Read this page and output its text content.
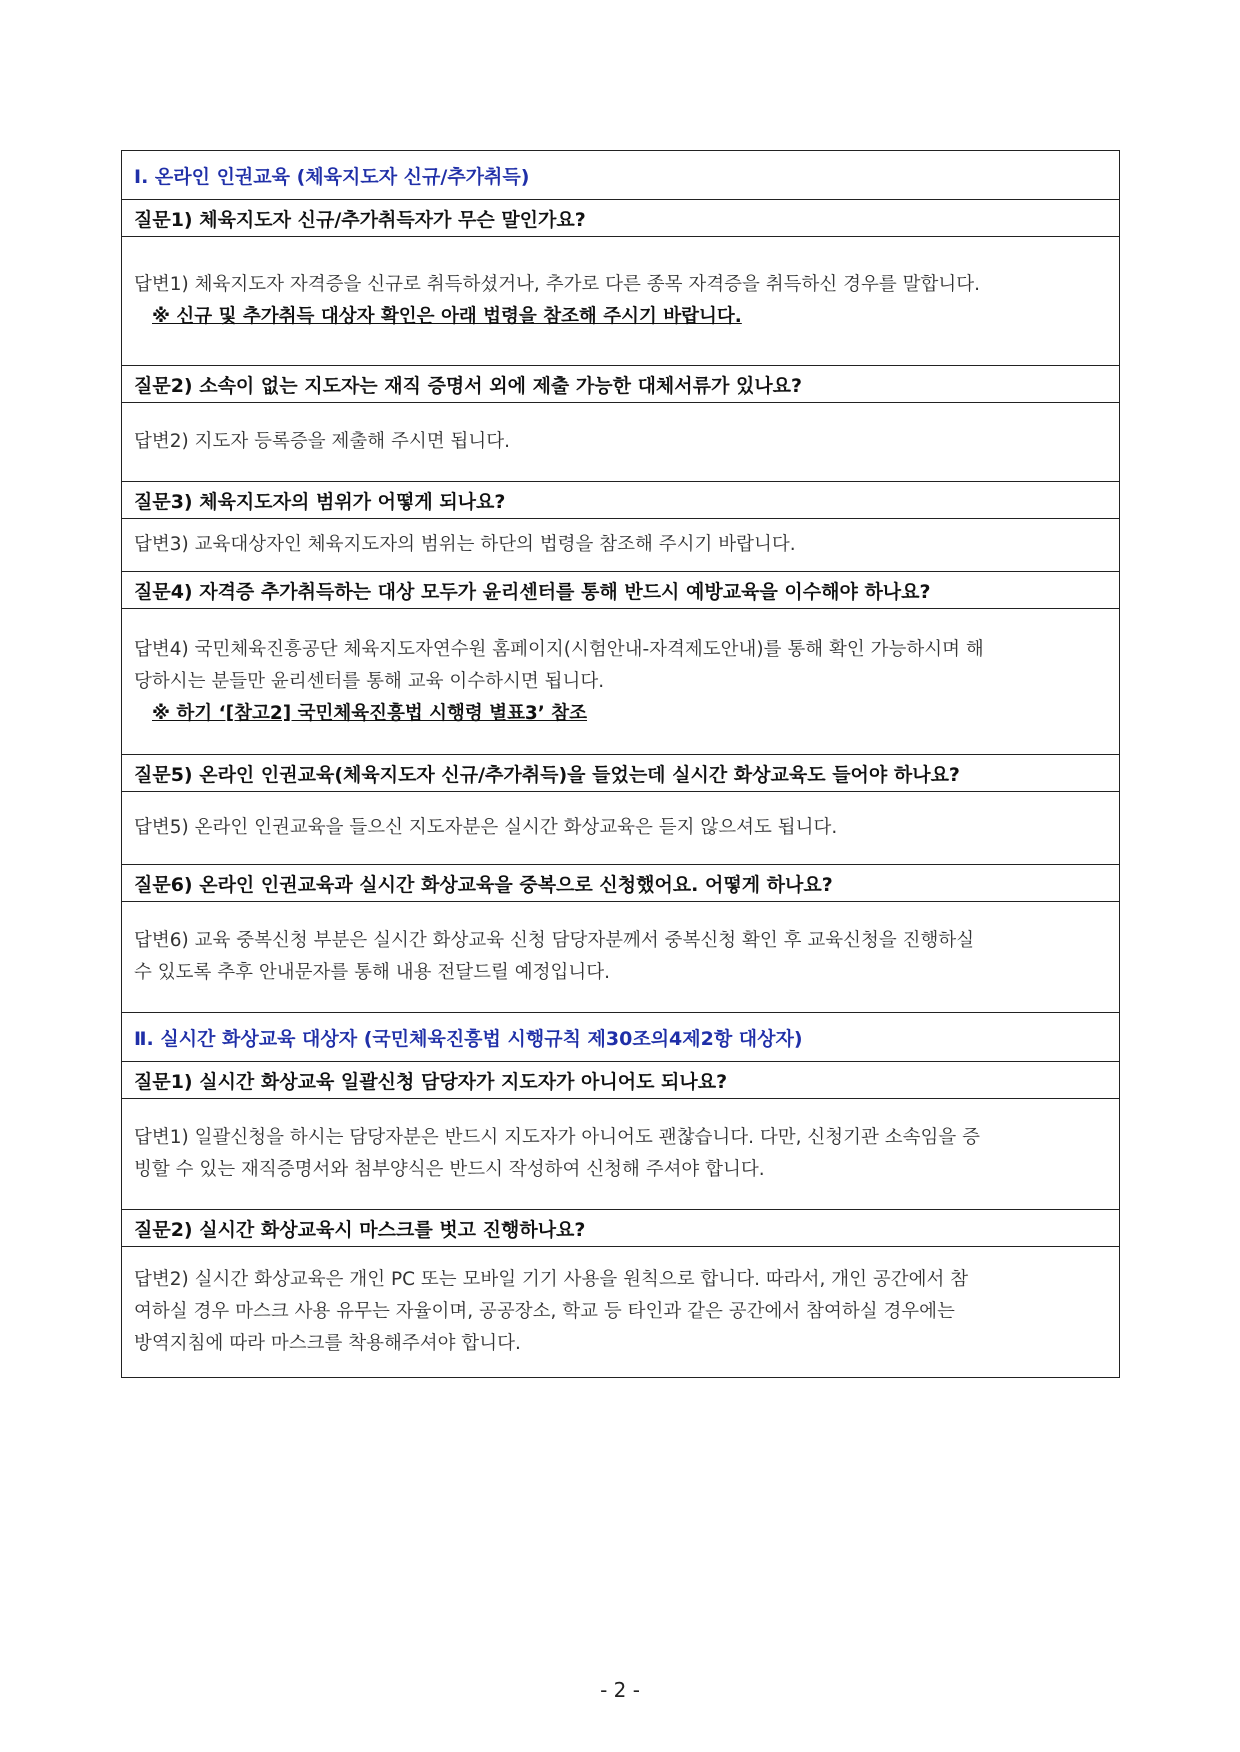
Ⅰ. 온라인 인권교육 (체육지도자 신규/추가취득)
질문1) 체육지도자 신규/추가취득자가 무슨 말인가요?

답변1) 체육지도자 자격증을 신규로 취득하셨거나, 추가로 다른 종목 자격증을 취득하신 경우를 말합니다.
※ 신규 및 추가취득 대상자 확인은 아래 법령을 참조해 주시기 바랍니다.

질문2) 소속이 없는 지도자는 재직 증명서 외에 제출 가능한 대체서류가 있나요?

답변2) 지도자 등록증을 제출해 주시면 됩니다.

질문3) 체육지도자의 범위가 어떻게 되나요?

답변3) 교육대상자인 체육지도자의 범위는 하단의 법령을 참조해 주시기 바랍니다.

질문4) 자격증 추가취득하는 대상 모두가 윤리센터를 통해 반드시 예방교육을 이수해야 하나요?

답변4) 국민체육진흥공단 체육지도자연수원 홈페이지(시험안내-자격제도안내)를 통해 확인 가능하시며 해
당하시는 분들만 윤리센터를 통해 교육 이수하시면 됩니다.
※ 하기 ‘[참고2] 국민체육진흥법 시행령 별표3’ 참조

질문5) 온라인 인권교육(체육지도자 신규/추가취득)을 들었는데 실시간 화상교육도 들어야 하나요?

답변5) 온라인 인권교육을 들으신 지도자분은 실시간 화상교육은 듣지 않으셔도 됩니다.

질문6) 온라인 인권교육과 실시간 화상교육을 중복으로 신청했어요. 어떻게 하나요?

답변6) 교육 중복신청 부분은 실시간 화상교육 신청 담당자분께서 중복신청 확인 후 교육신청을 진행하실
수 있도록 추후 안내문자를 통해 내용 전달드릴 예정입니다.

Ⅱ. 실시간 화상교육 대상자 (국민체육진흥법 시행규칙 제30조의4제2항 대상자)
질문1) 실시간 화상교육 일괄신청 담당자가 지도자가 아니어도 되나요?

답변1) 일괄신청을 하시는 담당자분은 반드시 지도자가 아니어도 괜찮습니다. 다만, 신청기관 소속임을 증
빙할 수 있는 재직증명서와 첨부양식은 반드시 작성하여 신청해 주셔야 합니다.

질문2) 실시간 화상교육시 마스크를 벗고 진행하나요?

답변2) 실시간 화상교육은 개인 PC 또는 모바일 기기 사용을 원칙으로 합니다. 따라서, 개인 공간에서 참
여하실 경우 마스크 사용 유무는 자율이며, 공공장소, 학교 등 타인과 같은 공간에서 참여하실 경우에는
방역지침에 따라 마스크를 착용해주셔야 합니다.
- 2 -
